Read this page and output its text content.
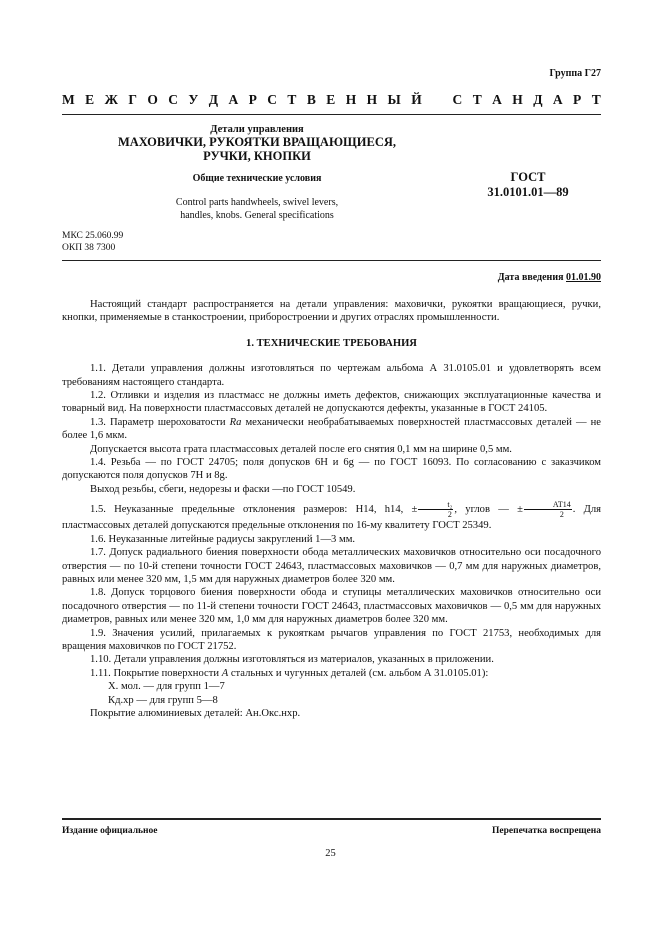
Группа Г27
М Е Ж Г О С У Д А Р С Т В Е Н Н Ы Й
С Т А Н Д А Р Т
Детали управления
МАХОВИЧКИ, РУКОЯТКИ ВРАЩАЮЩИЕСЯ,
РУЧКИ, КНОПКИ
Общие технические условия
Control parts handwheels, swivel levers,
handles, knobs. General specifications
ГОСТ
31.0101.01—89
МКС 25.060.99
ОКП 38 7300
Дата введения 01.01.90

Настоящий стандарт распространяется на детали управления: маховички, рукоятки вращающиеся, ручки, кнопки, применяемые в станкостроении, приборостроении и других отраслях промышленности.

1. ТЕХНИЧЕСКИЕ ТРЕБОВАНИЯ

1.1. Детали управления должны изготовляться по чертежам альбома А 31.0105.01 и удовлетворять всем требованиям настоящего стандарта.

1.2. Отливки и изделия из пластмасс не должны иметь дефектов, снижающих эксплуатационные качества и товарный вид. На поверхности пластмассовых деталей не допускаются дефекты, указанные в ГОСТ 24105.

1.3. Параметр шероховатости Ra механически необрабатываемых поверхностей пластмассовых деталей — не более 1,6 мкм.

Допускается высота грата пластмассовых деталей после его снятия 0,1 мм на ширине 0,5 мм.

1.4. Резьба — по ГОСТ 24705; поля допусков 6Н и 6g — по ГОСТ 16093. По согласованию с заказчиком допускаются поля допусков 7Н и 8g.

Выход резьбы, сбеги, недорезы и фаски —по ГОСТ 10549.

1.5. Неуказанные предельные отклонения размеров: Н14, h14, ± $\frac{\text{t₂}}{2}$ , углов — ± $\frac{AT14}{2}$ . Для пластмассовых деталей допускаются предельные отклонения по 16-му квалитету ГОСТ 25349.

1.6. Неуказанные литейные радиусы закруглений 1—3 мм.

1.7. Допуск радиального биения поверхности обода металлических маховичков относительно оси посадочного отверстия — по 10-й степени точности ГОСТ 24643, пластмассовых маховичков — 0,7 мм для наружных диаметров, равных или менее 320 мм, 1,5 мм для наружных диаметров более 320 мм.

1.8. Допуск торцового биения поверхности обода и ступицы металлических маховичков относительно оси посадочного отверстия — по 11-й степени точности ГОСТ 24643, пластмассовых маховичков — 0,5 мм для наружных диаметров, равных или менее 320 мм, 1,0 мм для наружных диаметров более 320 мм.

1.9. Значения усилий, прилагаемых к рукояткам рычагов управления по ГОСТ 21753, необходимых для вращения маховичков по ГОСТ 21752.

1.10. Детали управления должны изготовляться из материалов, указанных в приложении.

1.11. Покрытие поверхности А стальных и чугунных деталей (см. альбом А 31.0105.01):

Х. мол. — для групп 1—7

Кд.хр — для групп 5—8

Покрытие алюминиевых деталей: Ан.Окс.нхр.

Издание официальное	Перепечатка воспрещена
25
